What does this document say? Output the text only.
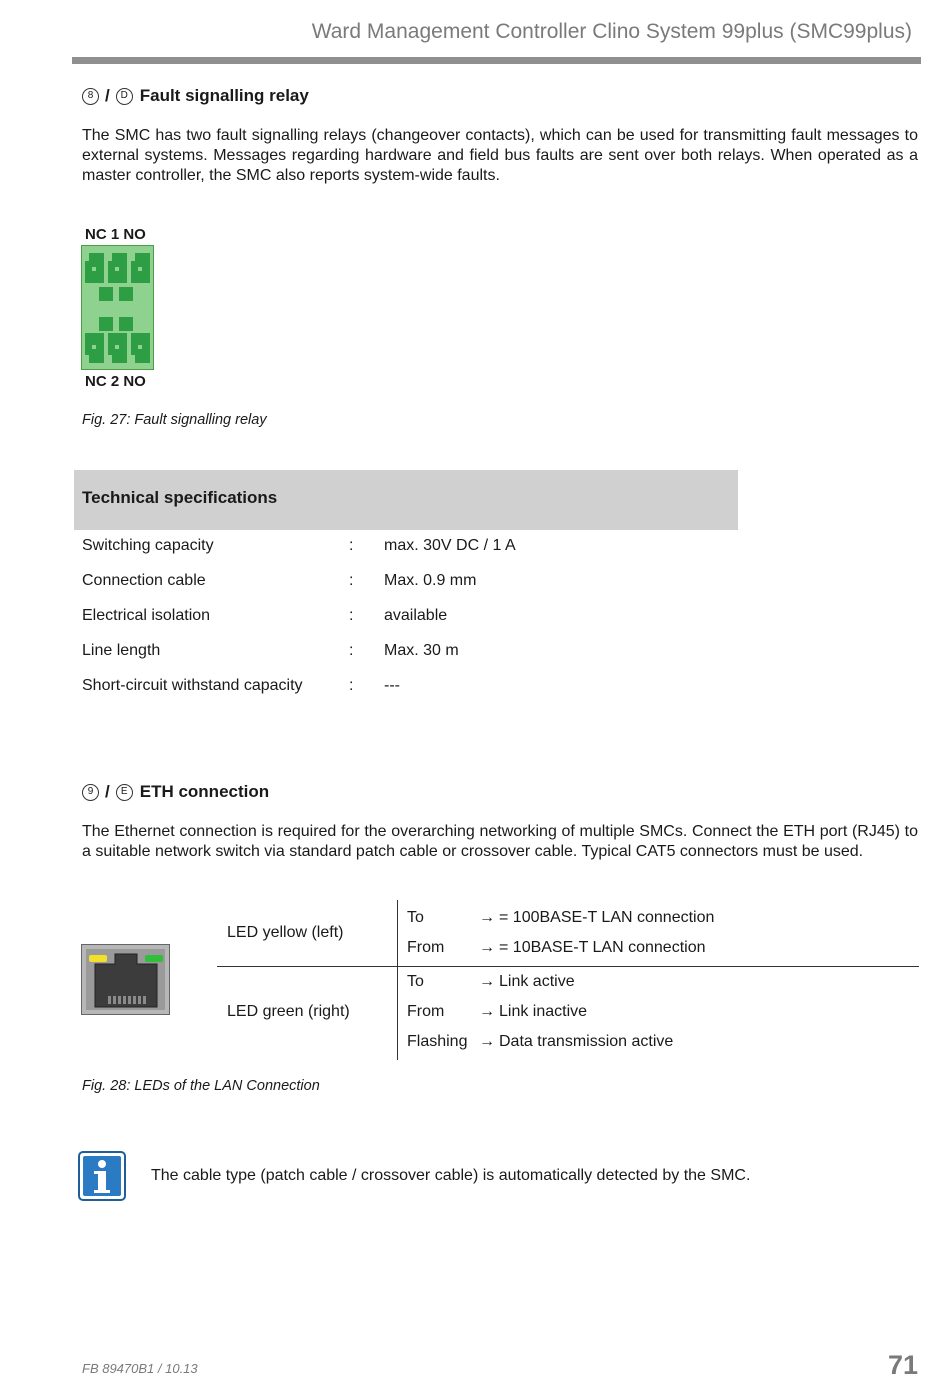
Ward Management Controller Clino System 99plus (SMC99plus)
8 /	D Fault signalling relay
The SMC has two fault signalling relays (changeover contacts), which can be used for transmitting fault messages to external systems. Messages regarding hardware and field bus faults are sent over both relays. When operated as a master controller, the SMC also reports system-wide faults.
NC 1 NO
NC 2 NO
Fig. 27: Fault signalling relay
Technical specifications
Switching capacity	: max. 30V DC / 1 A
Connection cable	: Max. 0.9 mm
Electrical isolation	: available
Line length	: Max. 30 m
Short-circuit withstand capacity	: ---
9 /	E ETH connection
The Ethernet connection is required for the overarching networking of multiple SMCs. Connect the ETH port (RJ45) to a suitable network switch via standard patch cable or crossover cable. Typical CAT5 connectors must be used.
LED yellow (left)
To	→ = 100BASE-T LAN connection
From → = 10BASE-T LAN connection
LED green (right)
To	→ Link active
From → Link inactive
Flashing → Data transmission active
Fig. 28: LEDs of the LAN Connection
The cable type (patch cable / crossover cable) is automatically detected by the SMC.
FB 89470B1 / 10.13	71
